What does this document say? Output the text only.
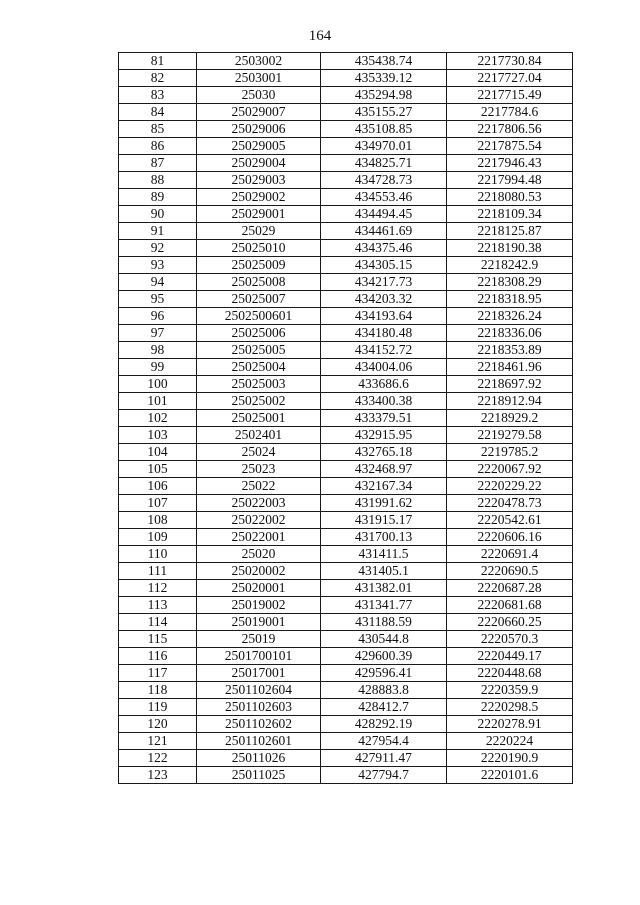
164
81	2503002	435438.74	2217730.84
82	2503001	435339.12	2217727.04
83	25030	435294.98	2217715.49
84	25029007	435155.27	2217784.6
85	25029006	435108.85	2217806.56
86	25029005	434970.01	2217875.54
87	25029004	434825.71	2217946.43
88	25029003	434728.73	2217994.48
89	25029002	434553.46	2218080.53
90	25029001	434494.45	2218109.34
91	25029	434461.69	2218125.87
92	25025010	434375.46	2218190.38
93	25025009	434305.15	2218242.9
94	25025008	434217.73	2218308.29
95	25025007	434203.32	2218318.95
96	2502500601	434193.64	2218326.24
97	25025006	434180.48	2218336.06
98	25025005	434152.72	2218353.89
99	25025004	434004.06	2218461.96
100	25025003	433686.6	2218697.92
101	25025002	433400.38	2218912.94
102	25025001	433379.51	2218929.2
103	2502401	432915.95	2219279.58
104	25024	432765.18	2219785.2
105	25023	432468.97	2220067.92
106	25022	432167.34	2220229.22
107	25022003	431991.62	2220478.73
108	25022002	431915.17	2220542.61
109	25022001	431700.13	2220606.16
110	25020	431411.5	2220691.4
111	25020002	431405.1	2220690.5
112	25020001	431382.01	2220687.28
113	25019002	431341.77	2220681.68
114	25019001	431188.59	2220660.25
115	25019	430544.8	2220570.3
116	2501700101	429600.39	2220449.17
117	25017001	429596.41	2220448.68
118	2501102604	428883.8	2220359.9
119	2501102603	428412.7	2220298.5
120	2501102602	428292.19	2220278.91
121	2501102601	427954.4	2220224
122	25011026	427911.47	2220190.9
123	25011025	427794.7	2220101.6
